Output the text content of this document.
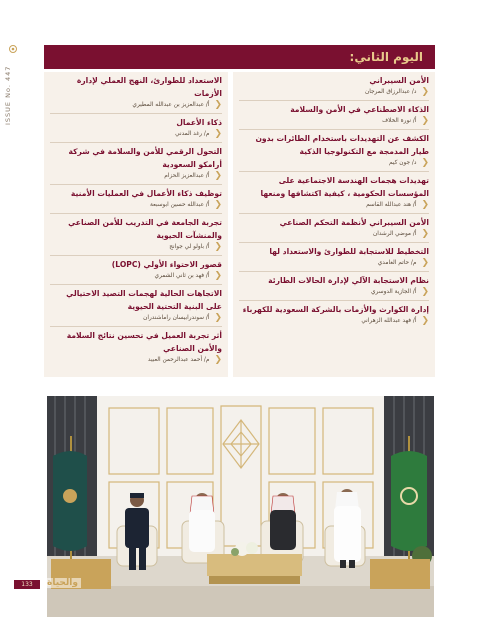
ISSUE No. 447
اليوم الثاني:
الأمن السيبراني
❮
د/ عبدالرزاق المرجان
الذكاء الاصطناعي في الأمن والسلامة
❮
أ/ نورة الخلاف
الكشف عن التهديدات باستخدام الطائرات بدون طيار المدمجة مع التكنولوجيا الذكية
❮
د/ جون كيم
تهديدات هجمات الهندسة الاجتماعية على المؤسسات الحكومية ، كيفية اكتشافها ومنعها
❮
أ/ هند عبدالله القاسم
الأمن السيبراني لأنظمة التحكم الصناعي
❮
أ/ موضي الرشدان
التخطيط للاستجابة للطوارئ والاستعداد لها
❮
م/ حاتم الغامدي
نظام الاستجابة الآلي لإدارة الحالات الطارئة
❮
أ/ الجازية الدوسري
إدارة الكوارث والأزمات بالشركة السعودية للكهرباء
❮
أ/ فهد عبدالله الزهراني
الاستعداد للطوارئ، النهج العملي لإدارة الأزمات
❮
أ/ عبدالعزيز بن عبدالله المطيري
ذكاء الأعمال
❮
م/ رغد المدني
التحول الرقمي للأمن والسلامة في شركة أرامكو السعودية
❮
أ/ عبدالعزيز الحزام
توظيف ذكاء الأعمال في العمليات الأمنية
❮
أ/ عبدالله حسين ابوسبعة
تجربة الجامعة في التدريب للأمن الصناعي والمنشآت الحيوية
❮
أ/ باولو لي جوانج
قصور الاحتواء الأولي (LOPC)
❮
أ/ فهد بن ثاني الشمري
الاتجاهات الحالية لهجمات التصيد الاحتيالي على البنية التحتية الحيوية
❮
أ/ سوندرابيسان راماشندران
أثر تجربة العميل في تحسين نتائج السلامة والأمن الصناعي
❮
م/ أحمد عبدالرحمن العبيد
133	والحياة
